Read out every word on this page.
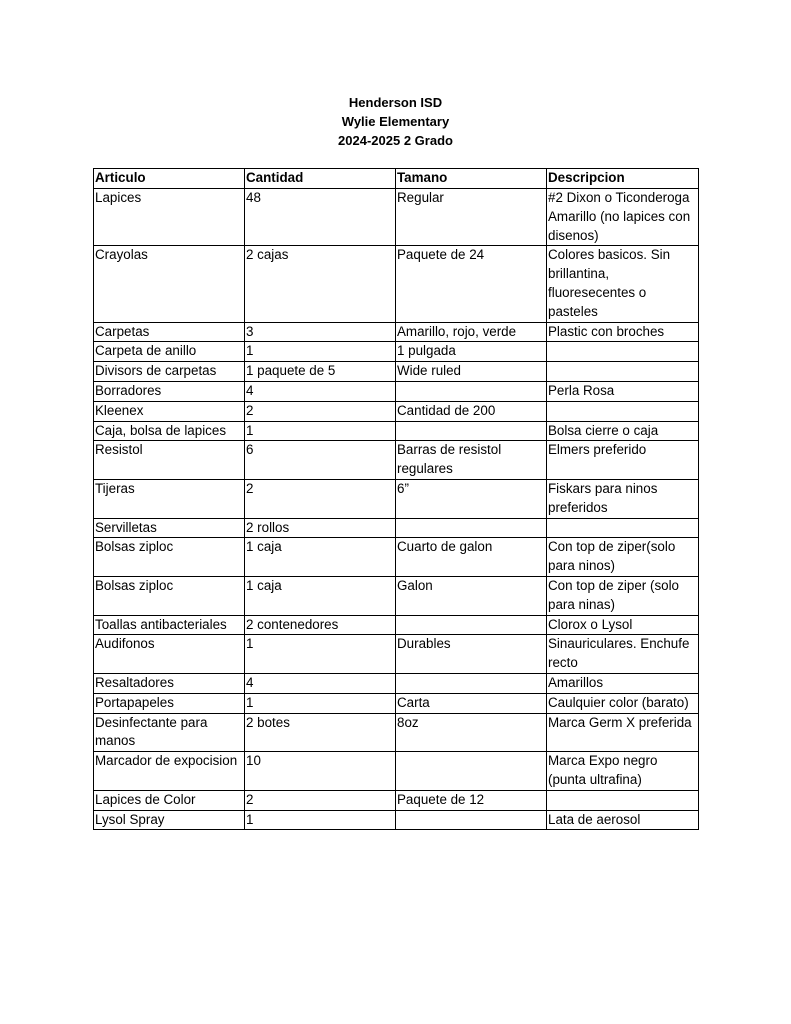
Henderson ISD
Wylie Elementary
2024-2025 2 Grado
Articulo	Cantidad	Tamano	Descripcion
Lapices	48	Regular	#2 Dixon o Ticonderoga Amarillo (no lapices con disenos)
Crayolas	2 cajas	Paquete de 24	Colores basicos. Sin brillantina, fluoresecentes o pasteles
Carpetas	3	Amarillo, rojo, verde	Plastic con broches
Carpeta de anillo	1	1 pulgada	
Divisors de carpetas	1 paquete de 5	Wide ruled	
Borradores	4		Perla Rosa
Kleenex	2	Cantidad de 200	
Caja, bolsa de lapices	1		Bolsa cierre o caja
Resistol	6	Barras de resistol regulares	Elmers preferido
Tijeras	2	6”	Fiskars para ninos preferidos
Servilletas	2 rollos		
Bolsas ziploc	1 caja	Cuarto de galon	Con top de ziper(solo para ninos)
Bolsas ziploc	1 caja	Galon	Con top de ziper (solo para ninas)
Toallas antibacteriales	2 contenedores		Clorox o Lysol
Audifonos	1	Durables	Sinauriculares. Enchufe recto
Resaltadores	4		Amarillos
Portapapeles	1	Carta	Caulquier color (barato)
Desinfectante para manos	2 botes	8oz	Marca Germ X preferida
Marcador de expocision	10		Marca Expo negro (punta ultrafina)
Lapices de Color	2	Paquete de 12	
Lysol Spray	1		Lata de aerosol
